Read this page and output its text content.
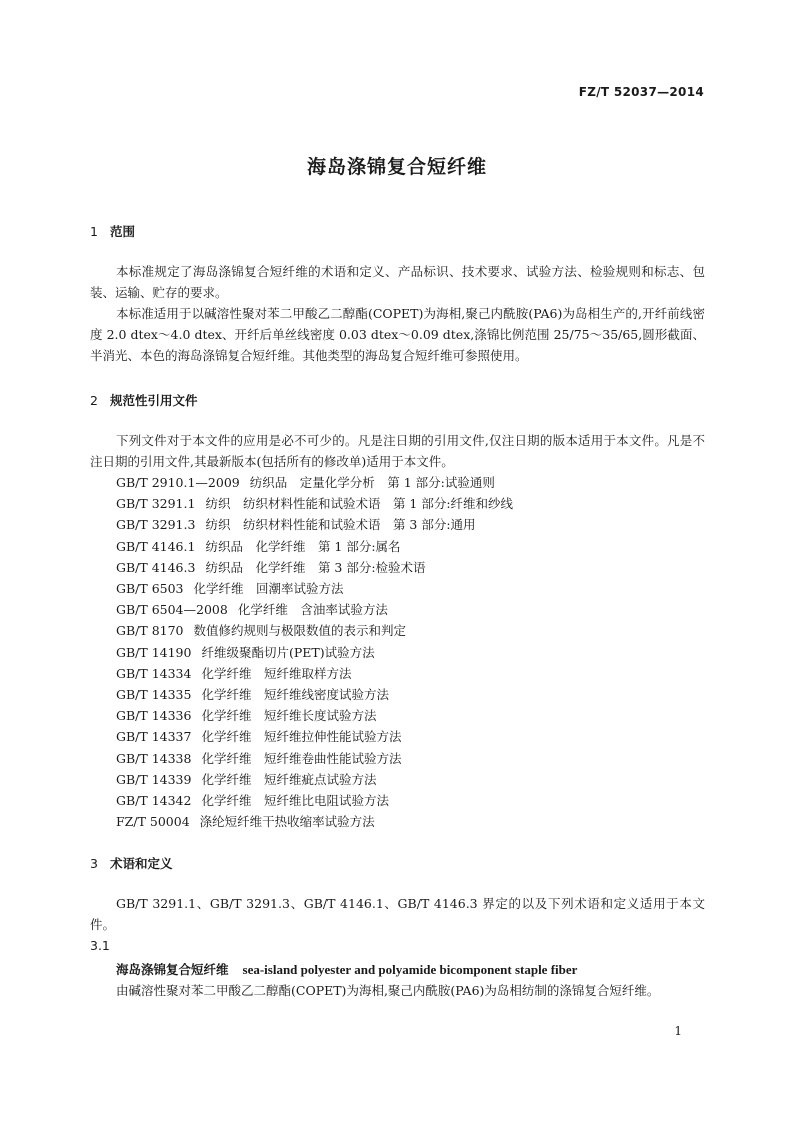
FZ/T 52037—2014
海岛涤锦复合短纤维
1 范围

本标准规定了海岛涤锦复合短纤维的术语和定义、产品标识、技术要求、试验方法、检验规则和标志、包装、运输、贮存的要求。

本标准适用于以碱溶性聚对苯二甲酸乙二醇酯(COPET)为海相,聚己内酰胺(PA6)为岛相生产的,开纤前线密度 2.0 dtex～4.0 dtex、开纤后单丝线密度 0.03 dtex～0.09 dtex,涤锦比例范围 25/75～35/65,圆形截面、半消光、本色的海岛涤锦复合短纤维。其他类型的海岛复合短纤维可参照使用。

2 规范性引用文件

下列文件对于本文件的应用是必不可少的。凡是注日期的引用文件,仅注日期的版本适用于本文件。凡是不注日期的引用文件,其最新版本(包括所有的修改单)适用于本文件。

GB/T 2910.1—2009 纺织品　定量化学分析　第 1 部分:试验通则
GB/T 3291.1 纺织　纺织材料性能和试验术语　第 1 部分:纤维和纱线
GB/T 3291.3 纺织　纺织材料性能和试验术语　第 3 部分:通用
GB/T 4146.1 纺织品　化学纤维　第 1 部分:属名
GB/T 4146.3 纺织品　化学纤维　第 3 部分:检验术语
GB/T 6503 化学纤维　回潮率试验方法
GB/T 6504—2008 化学纤维　含油率试验方法
GB/T 8170 数值修约规则与极限数值的表示和判定
GB/T 14190 纤维级聚酯切片(PET)试验方法
GB/T 14334 化学纤维　短纤维取样方法
GB/T 14335 化学纤维　短纤维线密度试验方法
GB/T 14336 化学纤维　短纤维长度试验方法
GB/T 14337 化学纤维　短纤维拉伸性能试验方法
GB/T 14338 化学纤维　短纤维卷曲性能试验方法
GB/T 14339 化学纤维　短纤维疵点试验方法
GB/T 14342 化学纤维　短纤维比电阻试验方法
FZ/T 50004 涤纶短纤维干热收缩率试验方法
3 术语和定义

GB/T 3291.1、GB/T 3291.3、GB/T 4146.1、GB/T 4146.3 界定的以及下列术语和定义适用于本文件。

3.1
海岛涤锦复合短纤维 sea-island polyester and polyamide bicomponent staple fiber

由碱溶性聚对苯二甲酸乙二醇酯(COPET)为海相,聚己内酰胺(PA6)为岛相纺制的涤锦复合短纤维。

1
